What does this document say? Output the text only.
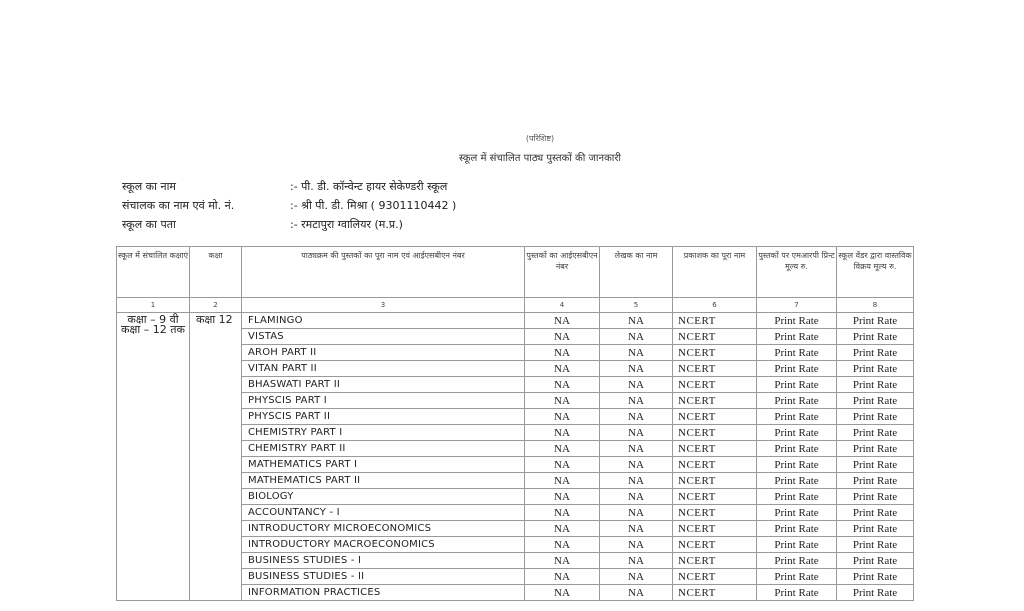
(परिशिष्ट)
स्कूल में संचालित पाठ्य पुस्तकों की जानकारी
स्कूल का नाम	:- पी. डी. कॉन्वेन्ट हायर सेकेण्डरी स्कूल
संचालक का नाम एवं मो. नं.	:- श्री पी. डी. मिश्रा ( 9301110442 )
स्कूल का पता	:- रमटापुरा ग्वालियर (म.प्र.)
स्कूल में संचालित कक्षाएं	कक्षा	पाठ्यक्रम की पुस्तकों का पूरा नाम एवं आईएसबीएन नंबर	पुस्तकों का आईएसबीएन नंबर	लेखक का नाम	प्रकाशक का पूरा नाम	पुस्तकों पर एमआरपी प्रिन्ट मूल्य रु.	स्कूल वेंडर द्वारा वास्तविक विक्रय मूल्य रु.
1	2	3	4	5	6	7	8
कक्षा – 9 वी कक्षा – 12 तक	कक्षा 12	FLAMINGO	NA	NA	NCERT	Print Rate	Print Rate
		VISTAS	NA	NA	NCERT	Print Rate	Print Rate
		AROH PART II	NA	NA	NCERT	Print Rate	Print Rate
		VITAN PART II	NA	NA	NCERT	Print Rate	Print Rate
		BHASWATI PART II	NA	NA	NCERT	Print Rate	Print Rate
		PHYSCIS PART I	NA	NA	NCERT	Print Rate	Print Rate
		PHYSCIS PART II	NA	NA	NCERT	Print Rate	Print Rate
		CHEMISTRY PART I	NA	NA	NCERT	Print Rate	Print Rate
		CHEMISTRY PART II	NA	NA	NCERT	Print Rate	Print Rate
		MATHEMATICS PART I	NA	NA	NCERT	Print Rate	Print Rate
		MATHEMATICS PART II	NA	NA	NCERT	Print Rate	Print Rate
		BIOLOGY	NA	NA	NCERT	Print Rate	Print Rate
		ACCOUNTANCY - I	NA	NA	NCERT	Print Rate	Print Rate
		INTRODUCTORY MICROECONOMICS	NA	NA	NCERT	Print Rate	Print Rate
		INTRODUCTORY MACROECONOMICS	NA	NA	NCERT	Print Rate	Print Rate
		BUSINESS STUDIES - I	NA	NA	NCERT	Print Rate	Print Rate
		BUSINESS STUDIES - II	NA	NA	NCERT	Print Rate	Print Rate
		INFORMATION PRACTICES	NA	NA	NCERT	Print Rate	Print Rate
